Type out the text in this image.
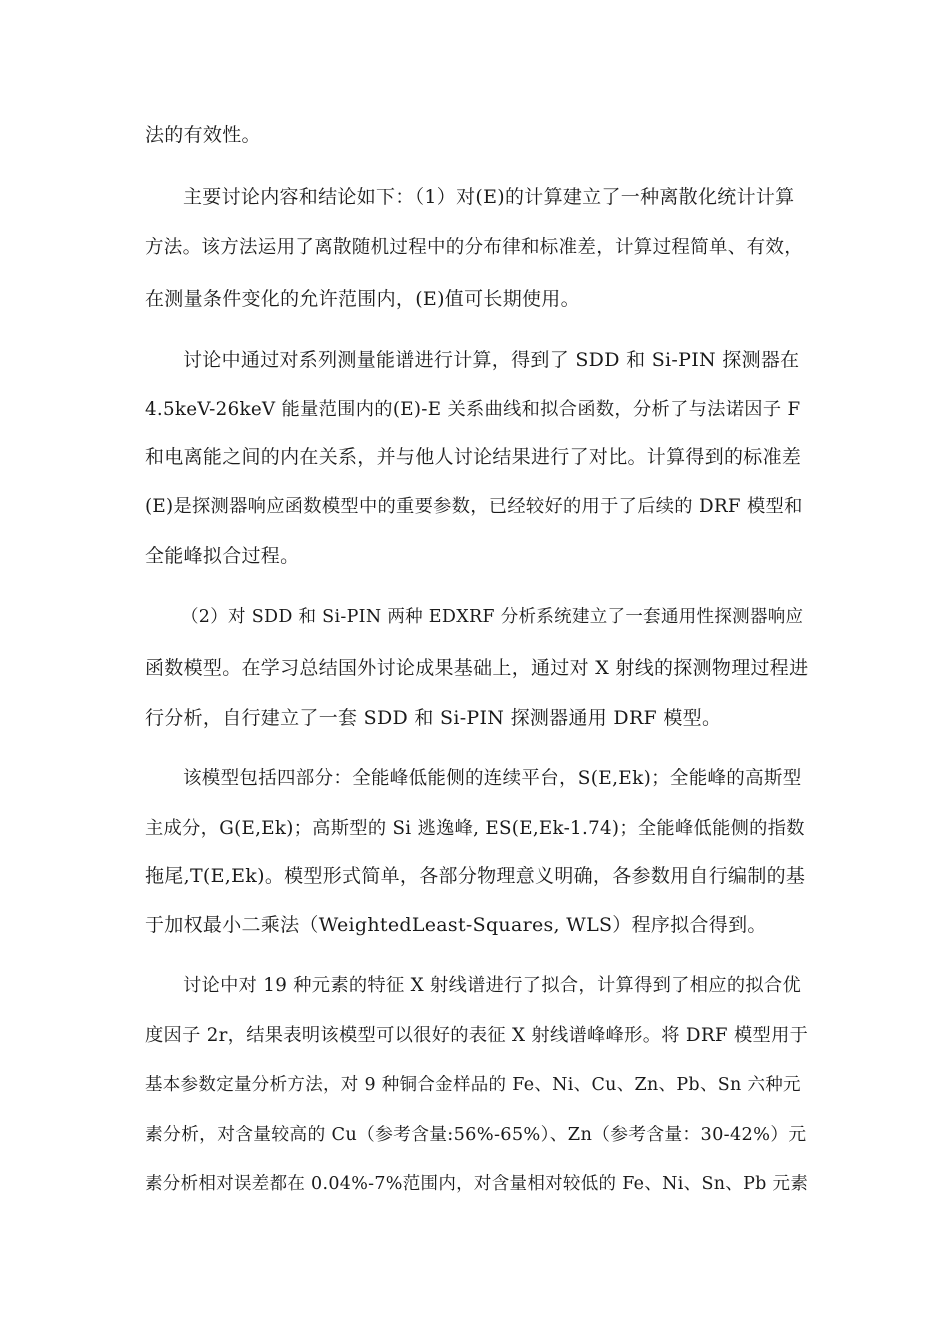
法的有效性。
主要讨论内容和结论如下：（1）对(E)的计算建立了一种离散化统计计算
方法。该方法运用了离散随机过程中的分布律和标准差，计算过程简单、有效，
在测量条件变化的允许范围内，(E)值可长期使用。
讨论中通过对系列测量能谱进行计算，得到了 SDD 和 Si-PIN 探测器在
4.5keV-26keV 能量范围内的(E)-E 关系曲线和拟合函数，分析了与法诺因子 F
和电离能之间的内在关系，并与他人讨论结果进行了对比。计算得到的标准差
(E)是探测器响应函数模型中的重要参数，已经较好的用于了后续的 DRF 模型和
全能峰拟合过程。
（2）对 SDD 和 Si-PIN 两种 EDXRF 分析系统建立了一套通用性探测器响应
函数模型。在学习总结国外讨论成果基础上，通过对 X 射线的探测物理过程进
行分析，自行建立了一套 SDD 和 Si-PIN 探测器通用 DRF 模型。
该模型包括四部分：全能峰低能侧的连续平台，S(E,Ek)；全能峰的高斯型
主成分，G(E,Ek)；高斯型的 Si 逃逸峰, ES(E,Ek-1.74)；全能峰低能侧的指数
拖尾,T(E,Ek)。模型形式简单，各部分物理意义明确，各参数用自行编制的基
于加权最小二乘法（WeightedLeast-Squares, WLS）程序拟合得到。
讨论中对 19 种元素的特征 X 射线谱进行了拟合，计算得到了相应的拟合优
度因子 2r，结果表明该模型可以很好的表征 X 射线谱峰峰形。将 DRF 模型用于
基本参数定量分析方法，对 9 种铜合金样品的 Fe、Ni、Cu、Zn、Pb、Sn 六种元
素分析，对含量较高的 Cu（参考含量:56%-65%）、Zn（参考含量：30-42%）元
素分析相对误差都在 0.04%-7%范围内，对含量相对较低的 Fe、Ni、Sn、Pb 元素
